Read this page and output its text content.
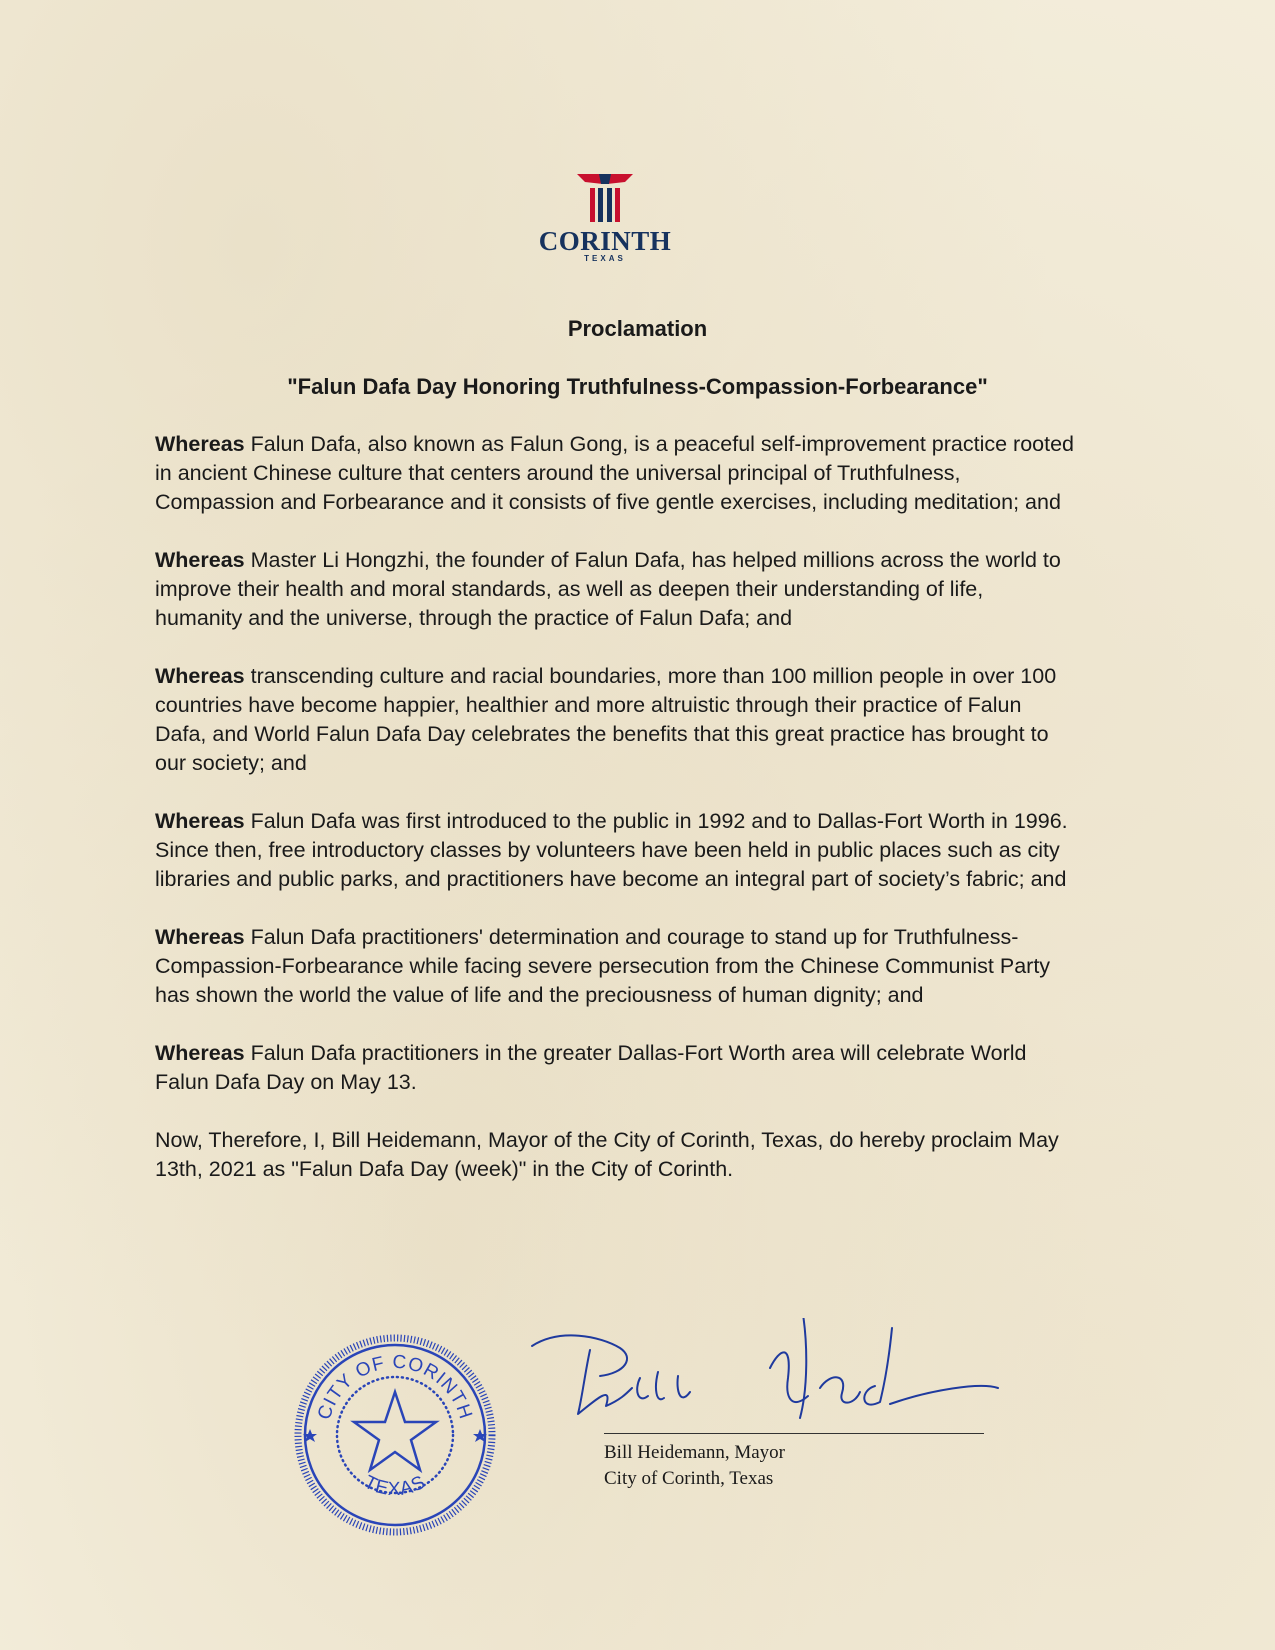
CORINTH
TEXAS
Proclamation
"Falun Dafa Day Honoring Truthfulness-Compassion-Forbearance"

Whereas Falun Dafa, also known as Falun Gong, is a peaceful self-improvement practice rooted in ancient Chinese culture that centers around the universal principal of Truthfulness, Compassion and Forbearance and it consists of five gentle exercises, including meditation; and

Whereas Master Li Hongzhi, the founder of Falun Dafa, has helped millions across the world to improve their health and moral standards, as well as deepen their understanding of life, humanity and the universe, through the practice of Falun Dafa; and

Whereas transcending culture and racial boundaries, more than 100 million people in over 100 countries have become happier, healthier and more altruistic through their practice of Falun Dafa, and World Falun Dafa Day celebrates the benefits that this great practice has brought to our society; and

Whereas Falun Dafa was first introduced to the public in 1992 and to Dallas-Fort Worth in 1996. Since then, free introductory classes by volunteers have been held in public places such as city libraries and public parks, and practitioners have become an integral part of society’s fabric; and

Whereas Falun Dafa practitioners' determination and courage to stand up for Truthfulness-Compassion-Forbearance while facing severe persecution from the Chinese Communist Party has shown the world the value of life and the preciousness of human dignity; and

Whereas Falun Dafa practitioners in the greater Dallas-Fort Worth area will celebrate World Falun Dafa Day on May 13.

Now, Therefore, I, Bill Heidemann, Mayor of the City of Corinth, Texas, do hereby proclaim May 13th, 2021 as "Falun Dafa Day (week)" in the City of Corinth.

CITY OF CORINTH
TEXAS
Bill Heidemann, Mayor
City of Corinth, Texas
